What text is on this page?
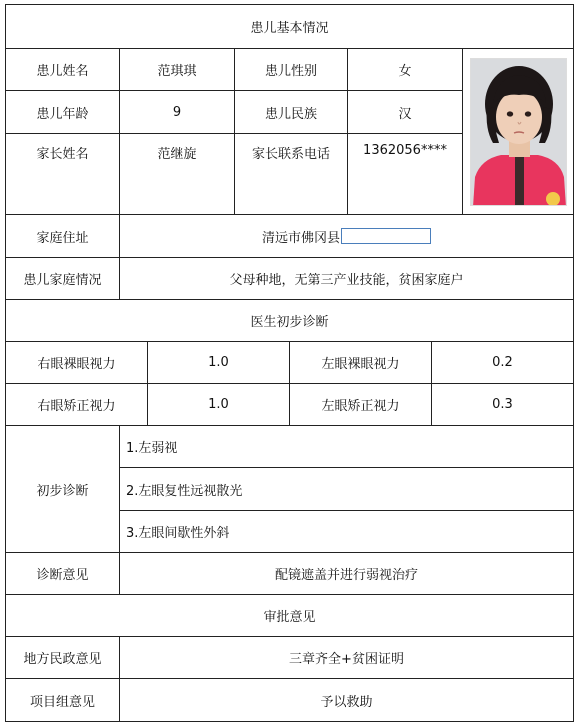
患儿基本情况
患儿姓名	范琪琪	患儿性别	女
患儿年龄	9	患儿民族	汉
家长姓名	范继旋	家长联系电话	1362056****
家庭住址	清远市佛冈县
患儿家庭情况	父母种地，无第三产业技能，贫困家庭户
医生初步诊断
右眼裸眼视力	1.0	左眼裸眼视力	0.2
右眼矫正视力	1.0	左眼矫正视力	0.3
初步诊断
1.左弱视
2.左眼复性远视散光
3.左眼间歇性外斜
诊断意见	配镜遮盖并进行弱视治疗
审批意见
地方民政意见	三章齐全+贫困证明
项目组意见	予以救助
